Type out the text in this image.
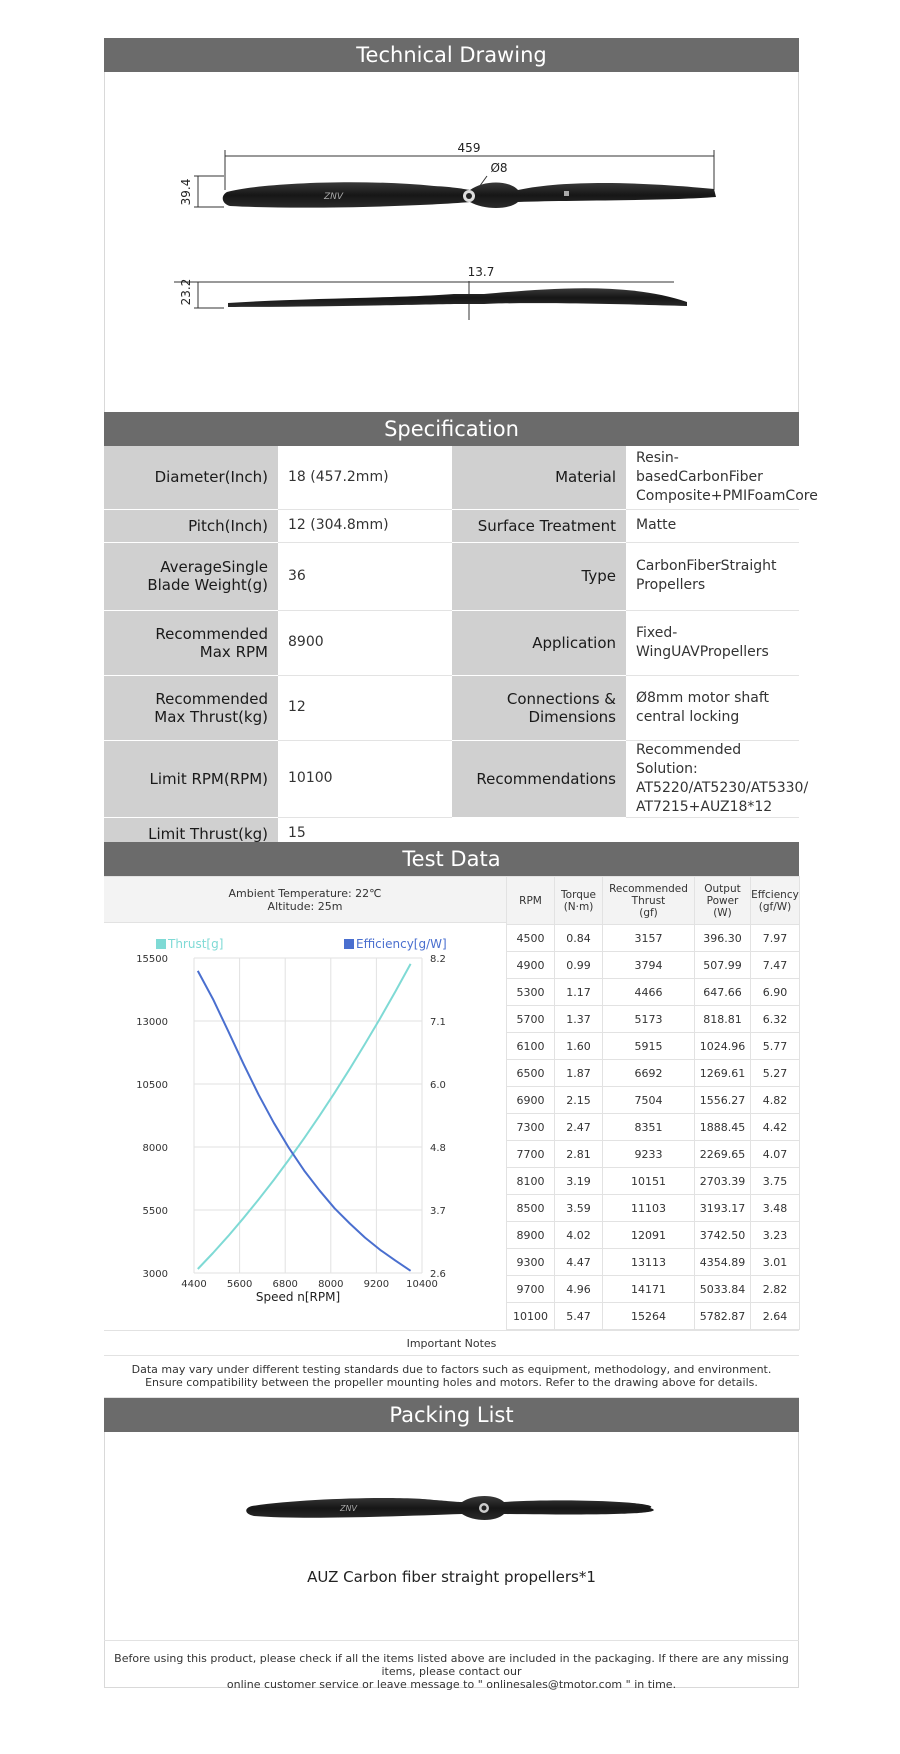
Technical Drawing
459
Ø8
39.4	ZNV
23.2
13.7
Specification
Diameter(Inch)	18 (457.2mm)	Material	Resin-basedCarbonFiber
Composite+PMIFoamCore

Pitch(Inch)	12 (304.8mm)	Surface Treatment	Matte

AverageSingle
Blade Weight(g)	36	Type	CarbonFiberStraight
Propellers

Recommended
Max RPM	8900	Application	Fixed-WingUAVPropellers

Recommended
Max Thrust(kg)	12	Connections &
Dimensions	Ø8mm motor shaft
central locking

Limit RPM(RPM)	10100	Recommendations	Recommended Solution:
AT5220/AT5230/AT5330/
AT7215+AUZ18*12

Limit Thrust(kg)	15		

Test Data
Ambient Temperature: 22℃
Altitude: 25m	RPM	Torque
(N·m)	Recommended
Thrust
(gf)	Output
Power
(W)	Effciency
(gf/W)
4500	0.84	3157	396.30	7.97
4900	0.99	3794	507.99	7.47
5300	1.17	4466	647.66	6.90
5700	1.37	5173	818.81	6.32
6100	1.60	5915	1024.96	5.77
6500	1.87	6692	1269.61	5.27
6900	2.15	7504	1556.27	4.82
7300	2.47	8351	1888.45	4.42
7700	2.81	9233	2269.65	4.07
8100	3.19	10151	2703.39	3.75
8500	3.59	11103	3193.17	3.48
8900	4.02	12091	3742.50	3.23
9300	4.47	13113	4354.89	3.01
9700	4.96	14171	5033.84	2.82
10100	5.47	15264	5782.87	2.64
4400 5600 6800 8000 9200 10400
15500
13000
10500
8000
5500
3000
8.2
7.1
6.0
4.8
3.7
2.6
Speed n[RPM]
Thrust[g]	Efficiency[g/W]
Important Notes
Data may vary under different testing standards due to factors such as equipment, methodology, and environment.
Ensure compatibility between the propeller mounting holes and motors. Refer to the drawing above for details.
Packing List
ZNV
AUZ Carbon fiber straight propellers*1
Before using this product, please check if all the items listed above are included in the packaging. If there are any missing items, please contact our
online customer service or leave message to " onlinesales@tmotor.com " in time.
